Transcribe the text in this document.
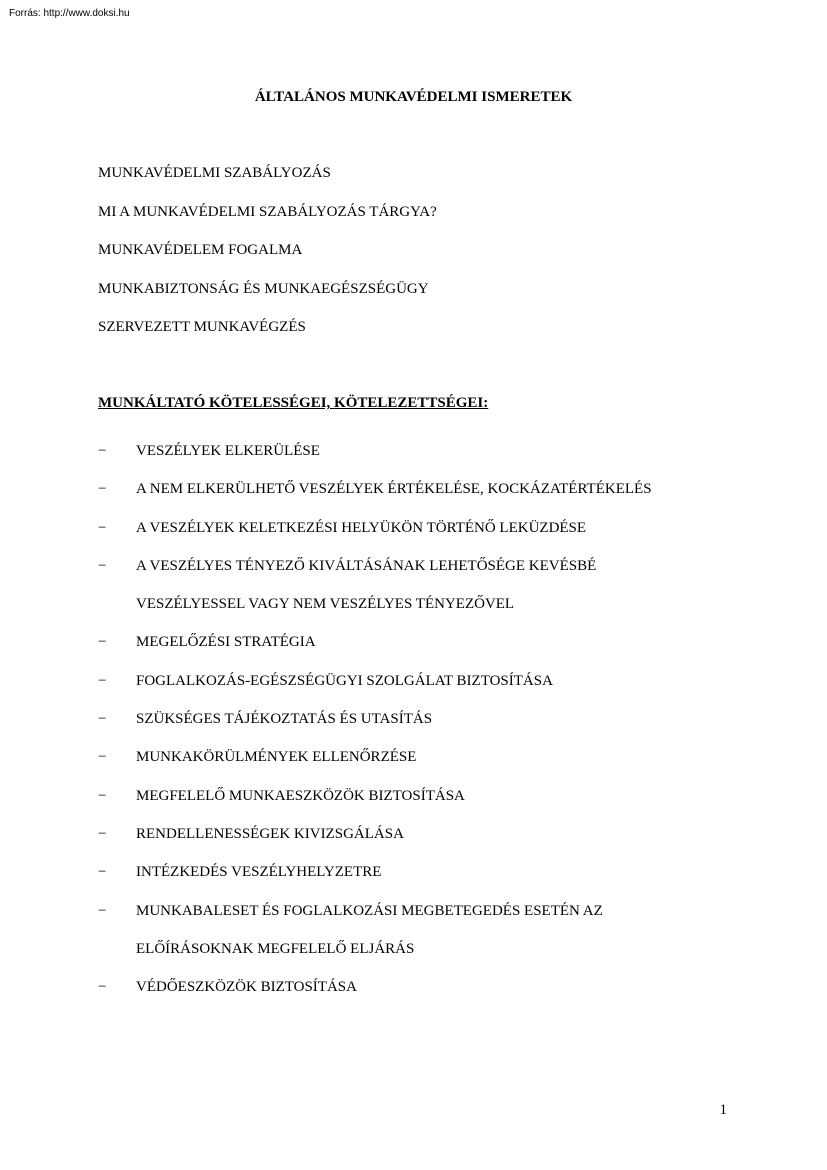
Forrás: http://www.doksi.hu
ÁLTALÁNOS MUNKAVÉDELMI ISMERETEK
MUNKAVÉDELMI SZABÁLYOZÁS
MI A MUNKAVÉDELMI SZABÁLYOZÁS TÁRGYA?
MUNKAVÉDELEM FOGALMA
MUNKABIZTONSÁG ÉS MUNKAEGÉSZSÉGÜGY
SZERVEZETT MUNKAVÉGZÉS
MUNKÁLTATÓ KÖTELESSÉGEI, KÖTELEZETTSÉGEI:
− VESZÉLYEK ELKERÜLÉSE
− A NEM ELKERÜLHETŐ VESZÉLYEK ÉRTÉKELÉSE, KOCKÁZATÉRTÉKELÉS
− A VESZÉLYEK KELETKEZÉSI HELYÜKÖN TÖRTÉNŐ LEKÜZDÉSE
− A VESZÉLYES TÉNYEZŐ KIVÁLTÁSÁNAK LEHETŐSÉGE KEVÉSBÉ
VESZÉLYESSEL VAGY NEM VESZÉLYES TÉNYEZŐVEL
− MEGELŐZÉSI STRATÉGIA
− FOGLALKOZÁS-EGÉSZSÉGÜGYI SZOLGÁLAT BIZTOSÍTÁSA
− SZÜKSÉGES TÁJÉKOZTATÁS ÉS UTASÍTÁS
− MUNKAKÖRÜLMÉNYEK ELLENŐRZÉSE
− MEGFELELŐ MUNKAESZKÖZÖK BIZTOSÍTÁSA
− RENDELLENESSÉGEK KIVIZSGÁLÁSA
− INTÉZKEDÉS VESZÉLYHELYZETRE
− MUNKABALESET ÉS FOGLALKOZÁSI MEGBETEGEDÉS ESETÉN AZ
ELŐÍRÁSOKNAK MEGFELELŐ ELJÁRÁS
− VÉDŐESZKÖZÖK BIZTOSÍTÁSA
1
